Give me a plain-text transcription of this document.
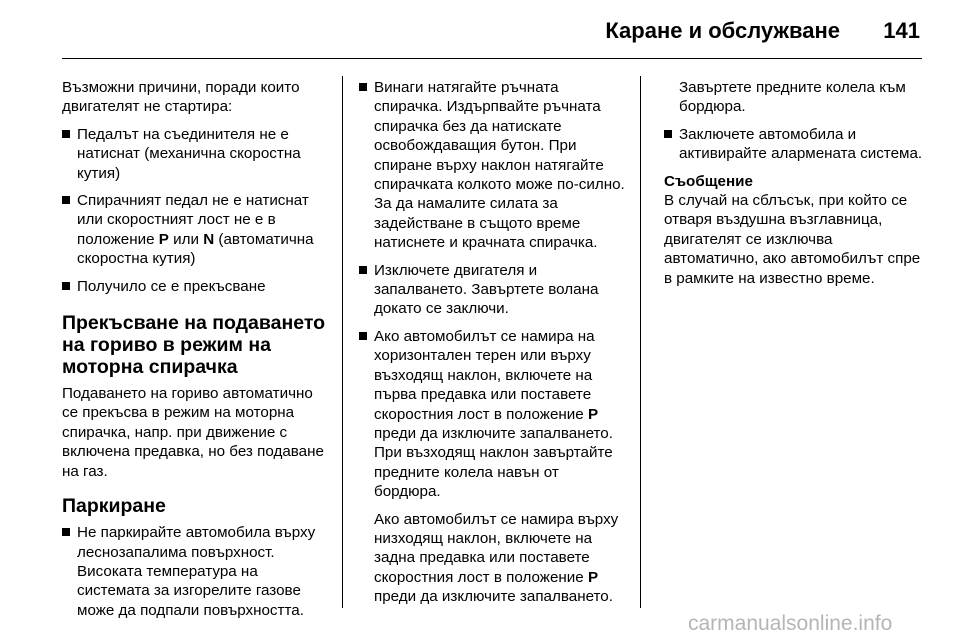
Каране и обслужване 141

Възможни причини, поради които двигателят не стартира:

Педалът на съединителя не е натиснат (механична скоростна кутия)
Спирачният педал не е натиснат или скоростният лост не е в положение P или N (автоматична скоростна кутия)
Получило се е прекъсване
Прекъсване на подаването на гориво в режим на моторна спирачка

Подаването на гориво автоматично се прекъсва в режим на моторна спирачка, напр. при движение с включена предавка, но без подаване на газ.

Паркиране
Не паркирайте автомобила върху леснозапалима повърхност. Високата температура на системата за изгорелите газове може да подпали повърхността.
Винаги натягайте ръчната спирачка. Издърпвайте ръчната спирачка без да натискате освобождаващия бутон. При спиране върху наклон натягайте спирачката колкото може по-силно. За да намалите силата за задействане в същото време натиснете и крачната спирачка.
Изключете двигателя и запалването. Завъртете волана докато се заключи.
Ако автомобилът се намира на хоризонтален терен или върху възходящ наклон, включете на първа предавка или поставете скоростния лост в положение P преди да изключите запалването. При възходящ наклон завъртайте предните колела навън от бордюра.

Ако автомобилът се намира върху низходящ наклон, включете на задна предавка или поставете скоростния лост в положение P преди да изключите запалването.

Завъртете предните колела към бордюра.

Заключете автомобила и активирайте алармената система.
Съобщение

В случай на сблъсък, при който се отваря въздушна възглавница, двигателят се изключва автоматично, ако автомобилът спре в рамките на известно време.

carmanualsonline.info
